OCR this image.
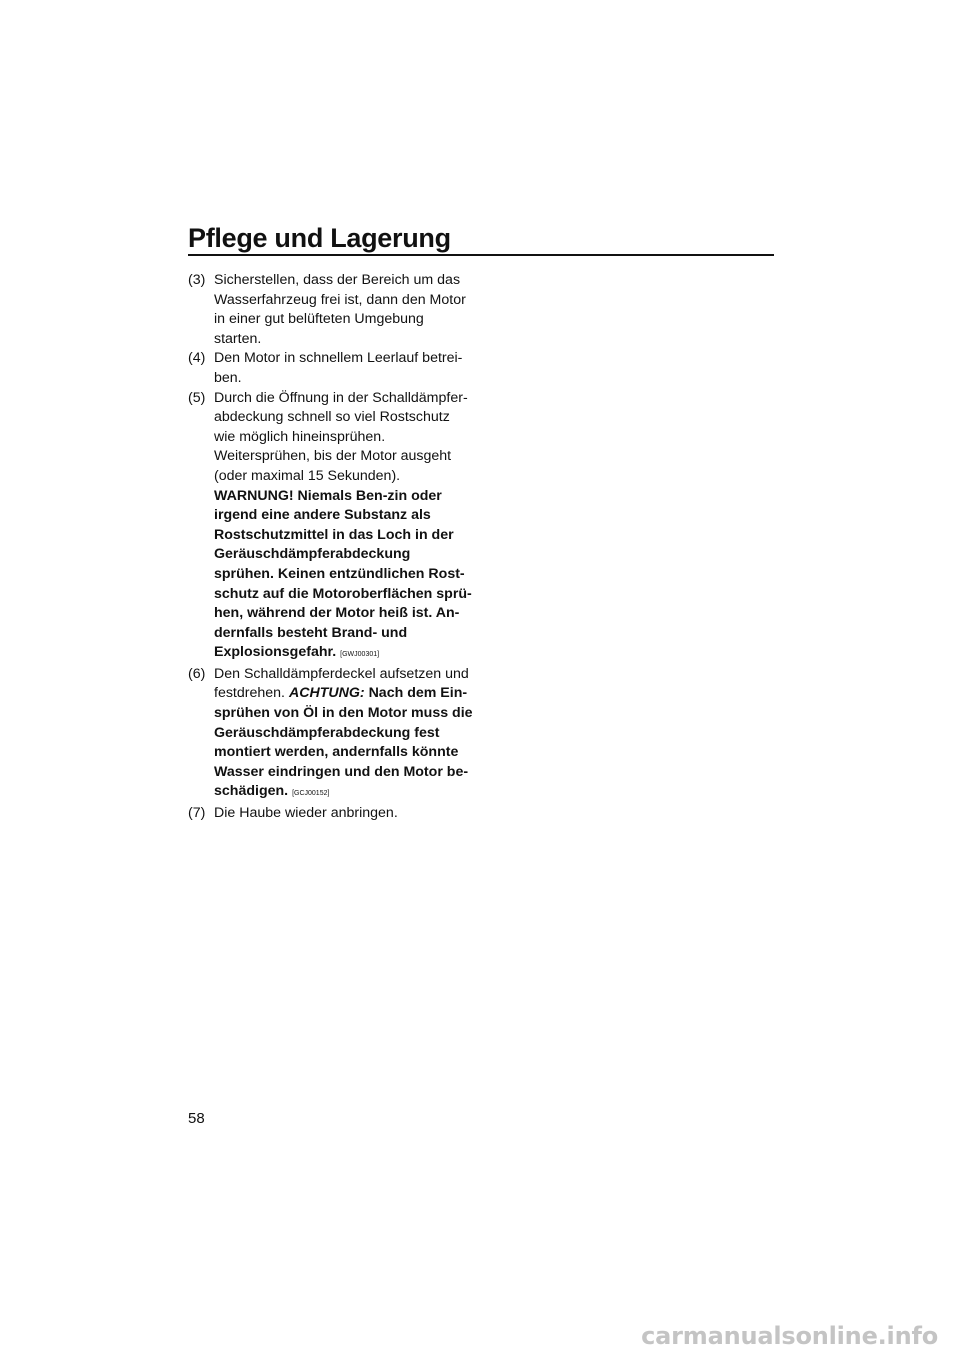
Pflege und Lagerung
(3) Sicherstellen, dass der Bereich um das Wasserfahrzeug frei ist, dann den Motor in einer gut belüfteten Umgebung starten.
(4) Den Motor in schnellem Leerlauf betrei-ben.
(5) Durch die Öffnung in der Schalldämpfer-abdeckung schnell so viel Rostschutz wie möglich hineinsprühen. Weitersprühen, bis der Motor ausgeht (oder maximal 15 Sekunden). WARNUNG! Niemals Ben-zin oder irgend eine andere Substanz als Rostschutzmittel in das Loch in der Geräuschdämpferabdeckung sprühen. Keinen entzündlichen Rost-schutz auf die Motoroberflächen sprü-hen, während der Motor heiß ist. An-dernfalls besteht Brand- und Explosionsgefahr. [GWJ00301]
(6) Den Schalldämpferdeckel aufsetzen und festdrehen. ACHTUNG: Nach dem Ein-sprühen von Öl in den Motor muss die Geräuschdämpferabdeckung fest montiert werden, andernfalls könnte Wasser eindringen und den Motor be-schädigen. [GCJ00152]
(7) Die Haube wieder anbringen.
58
carmanualsonline.info
